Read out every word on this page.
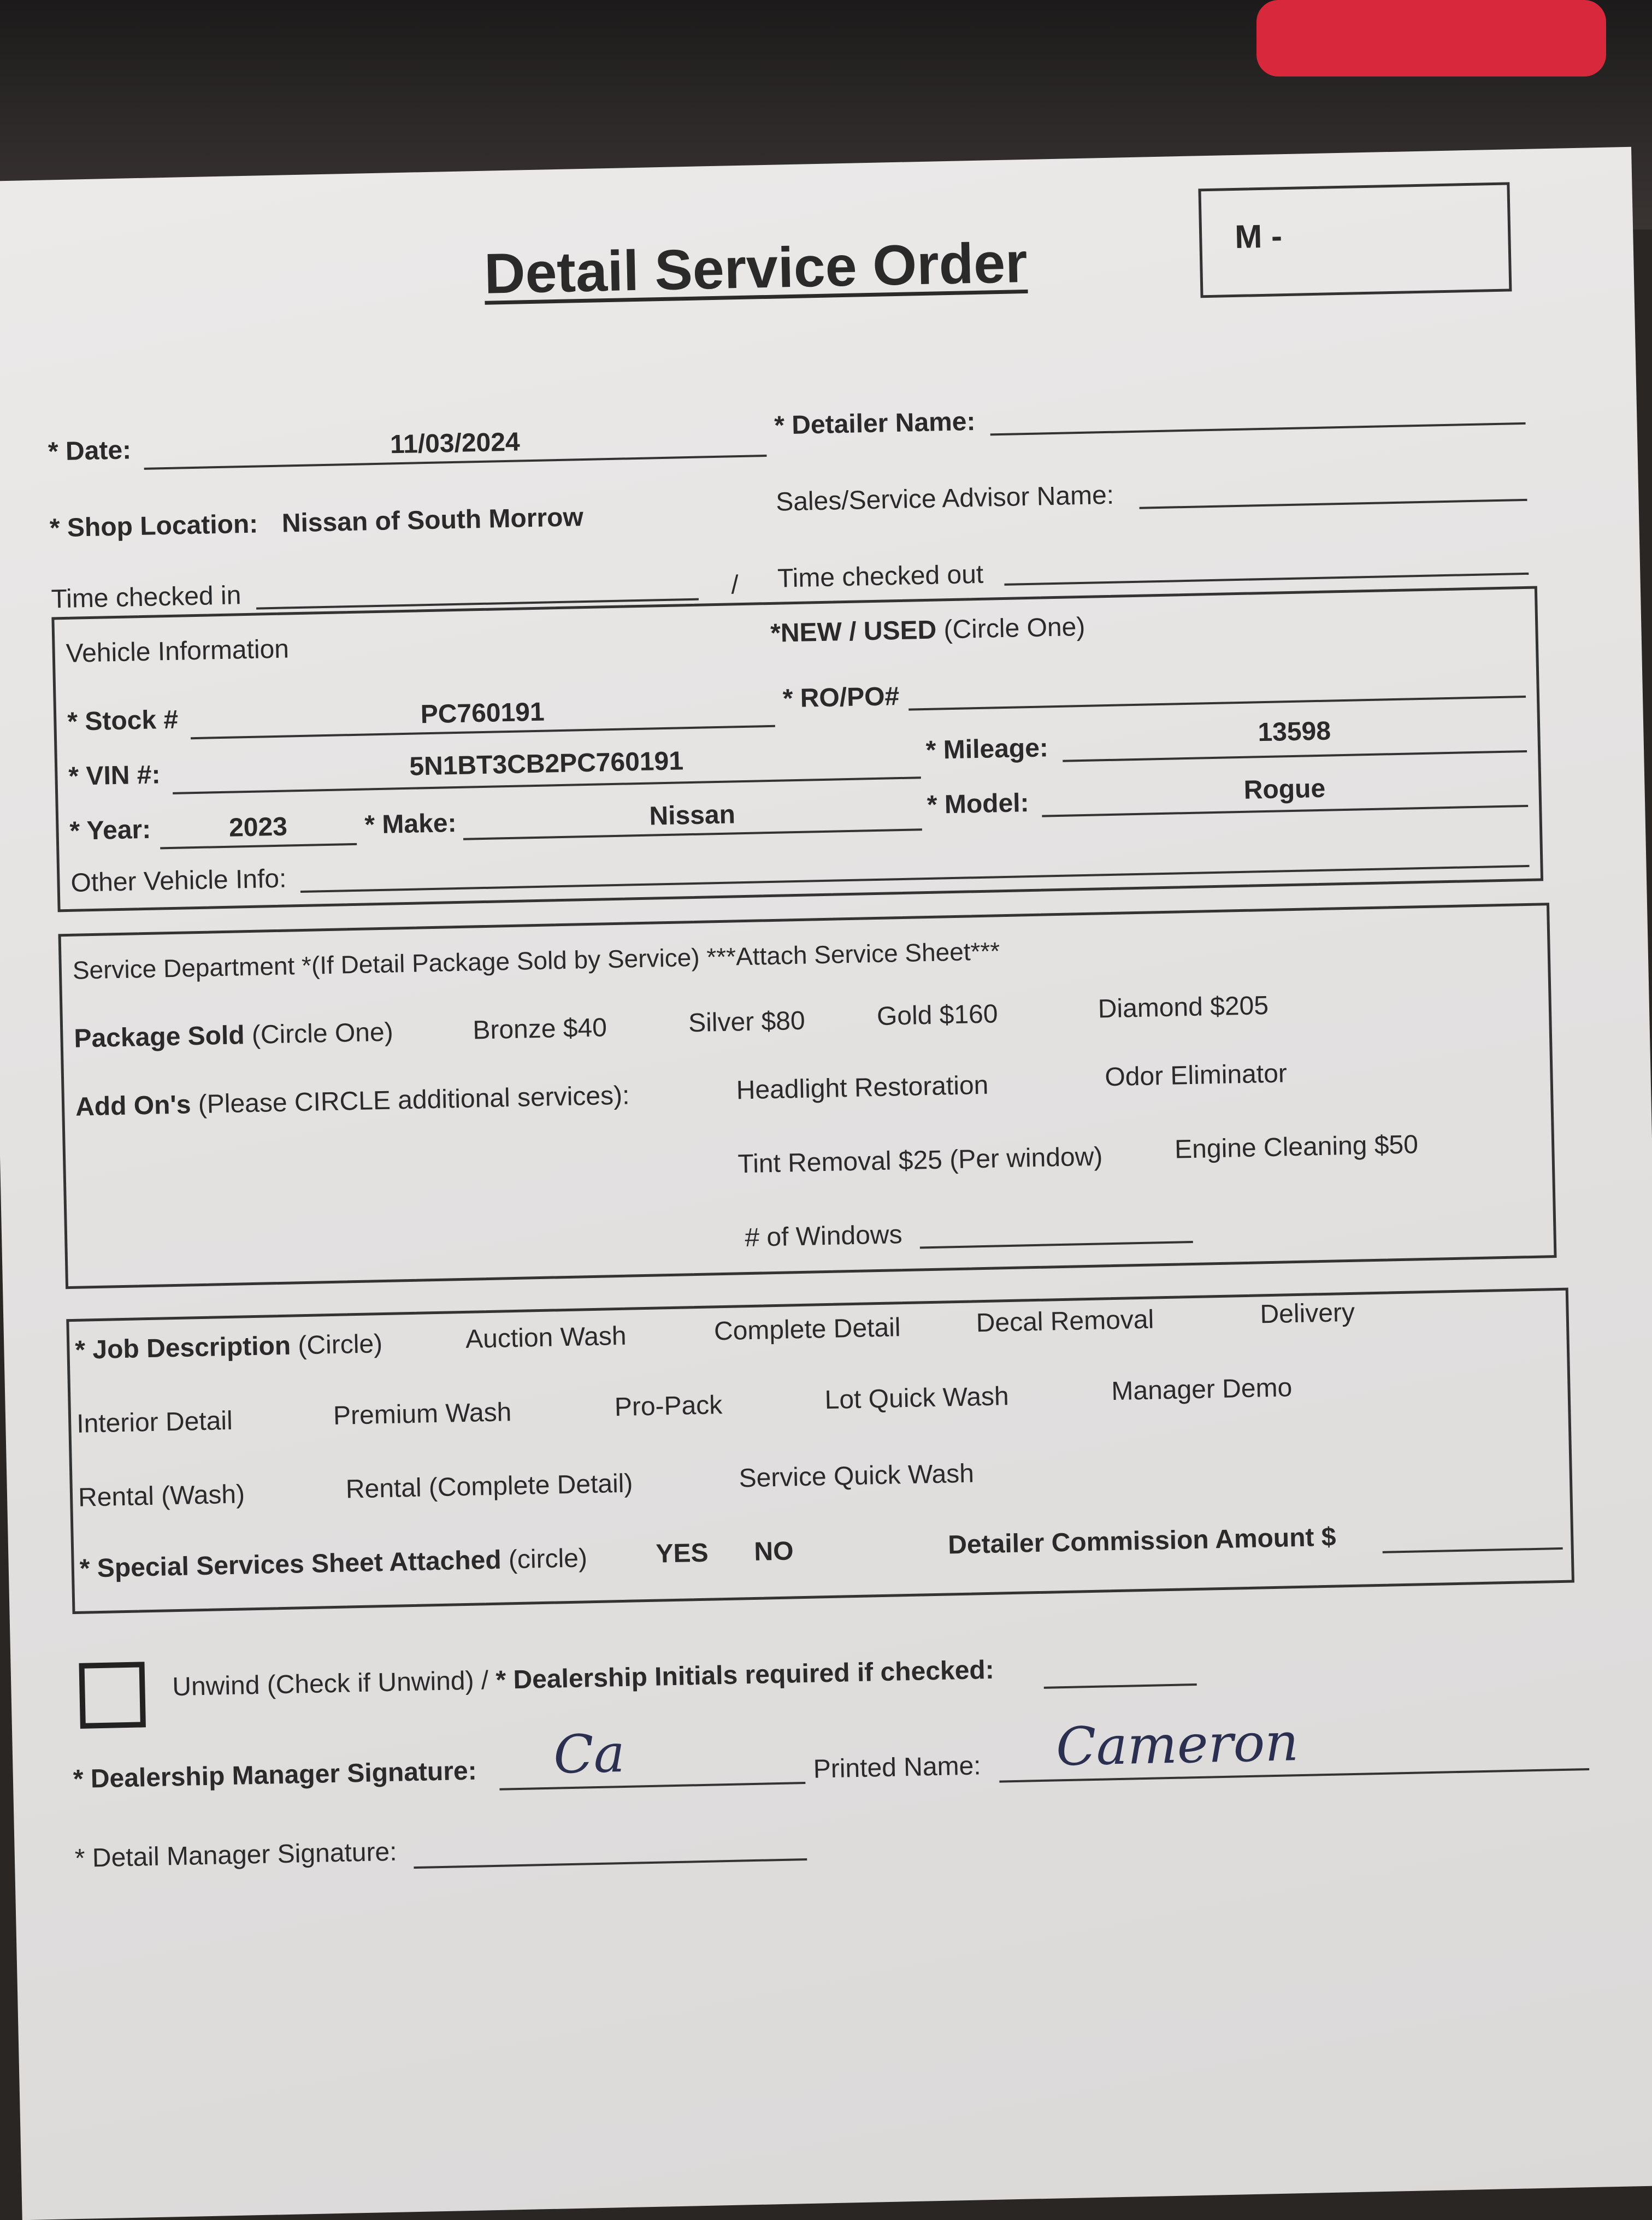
Detail Service Order	M -
* Date:	11/03/2024
* Detailer Name:
* Shop Location: Nissan of South Morrow
Sales/Service Advisor Name:
Time checked in	/ Time checked out
Vehicle Information
*NEW / USED (Circle One)
* Stock #	PC760191	* RO/PO#
* VIN #:	5N1BT3CB2PC760191	* Mileage:
13598
* Year:	2023	* Make:	Nissan	* Model:	Rogue
Other Vehicle Info:
Service Department *(If Detail Package Sold by Service) ***Attach Service Sheet***
Package Sold (Circle One)	Bronze $40	Silver $80	Gold $160	Diamond $205
Add On's (Please CIRCLE additional services):	Headlight Restoration	Odor Eliminator
Tint Removal $25 (Per window)	Engine Cleaning $50
# of Windows
* Job Description (Circle)	Auction Wash	Complete Detail	Decal Removal	Delivery
Interior Detail	Premium Wash	Pro-Pack	Lot Quick Wash	Manager Demo
Rental (Wash)	Rental (Complete Detail)	Service Quick Wash
* Special Services Sheet Attached (circle)	YES NO	Detailer Commission Amount $
Unwind (Check if Unwind) / * Dealership Initials required if checked:
* Dealership Manager Signature: Ca	Printed Name: Cameron
* Detail Manager Signature:
